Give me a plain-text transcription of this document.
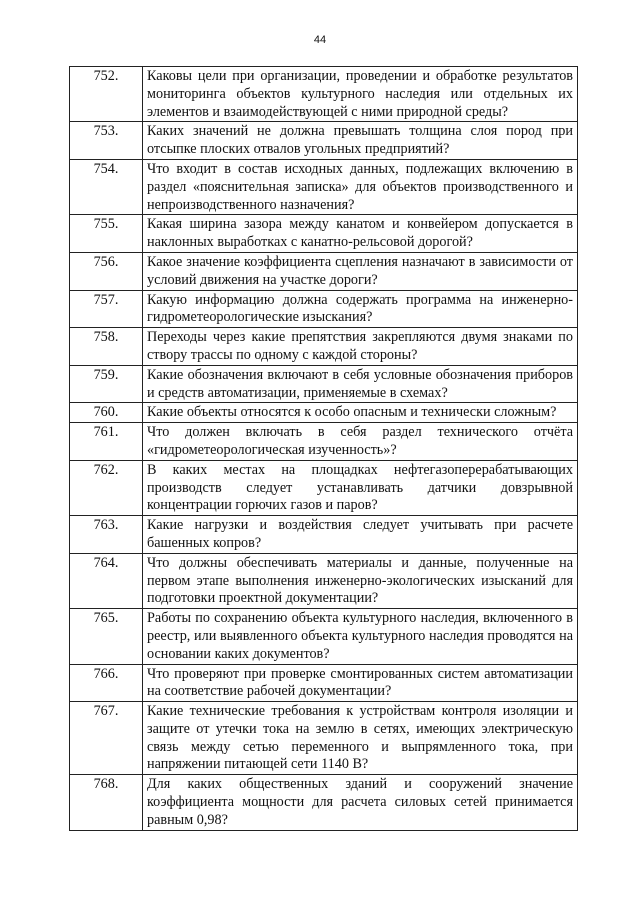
44
752.	Каковы цели при организации, проведении и обработке результатов мониторинга объектов культурного наследия или отдельных их элементов и взаимодействующей с ними природной среды?
753.	Каких значений не должна превышать толщина слоя пород при отсыпке плоских отвалов угольных предприятий?
754.	Что входит в состав исходных данных, подлежащих включению в раздел «пояснительная записка» для объектов производственного и непроизводственного назначения?
755.	Какая ширина зазора между канатом и конвейером допускается в наклонных выработках с канатно-рельсовой дорогой?
756.	Какое значение коэффициента сцепления назначают в зависимости от условий движения на участке дороги?
757.	Какую информацию должна содержать программа на инженерно-гидрометеорологические изыскания?
758.	Переходы через какие препятствия закрепляются двумя знаками по створу трассы по одному с каждой стороны?
759.	Какие обозначения включают в себя условные обозначения приборов и средств автоматизации, применяемые в схемах?
760.	Какие объекты относятся к особо опасным и технически сложным?
761.	Что должен включать в себя раздел технического отчёта «гидрометеорологическая изученность»?
762.	В каких местах на площадках нефтегазоперерабатывающих производств следует устанавливать датчики довзрывной концентрации горючих газов и паров?
763.	Какие нагрузки и воздействия следует учитывать при расчете башенных копров?
764.	Что должны обеспечивать материалы и данные, полученные на первом этапе выполнения инженерно-экологических изысканий для подготовки проектной документации?
765.	Работы по сохранению объекта культурного наследия, включенного в реестр, или выявленного объекта культурного наследия проводятся на основании каких документов?
766.	Что проверяют при проверке смонтированных систем автоматизации на соответствие рабочей документации?
767.	Какие технические требования к устройствам контроля изоляции и защите от утечки тока на землю в сетях, имеющих электрическую связь между сетью переменного и выпрямленного тока, при напряжении питающей сети 1140 В?
768.	Для каких общественных зданий и сооружений значение коэффициента мощности для расчета силовых сетей принимается равным 0,98?
